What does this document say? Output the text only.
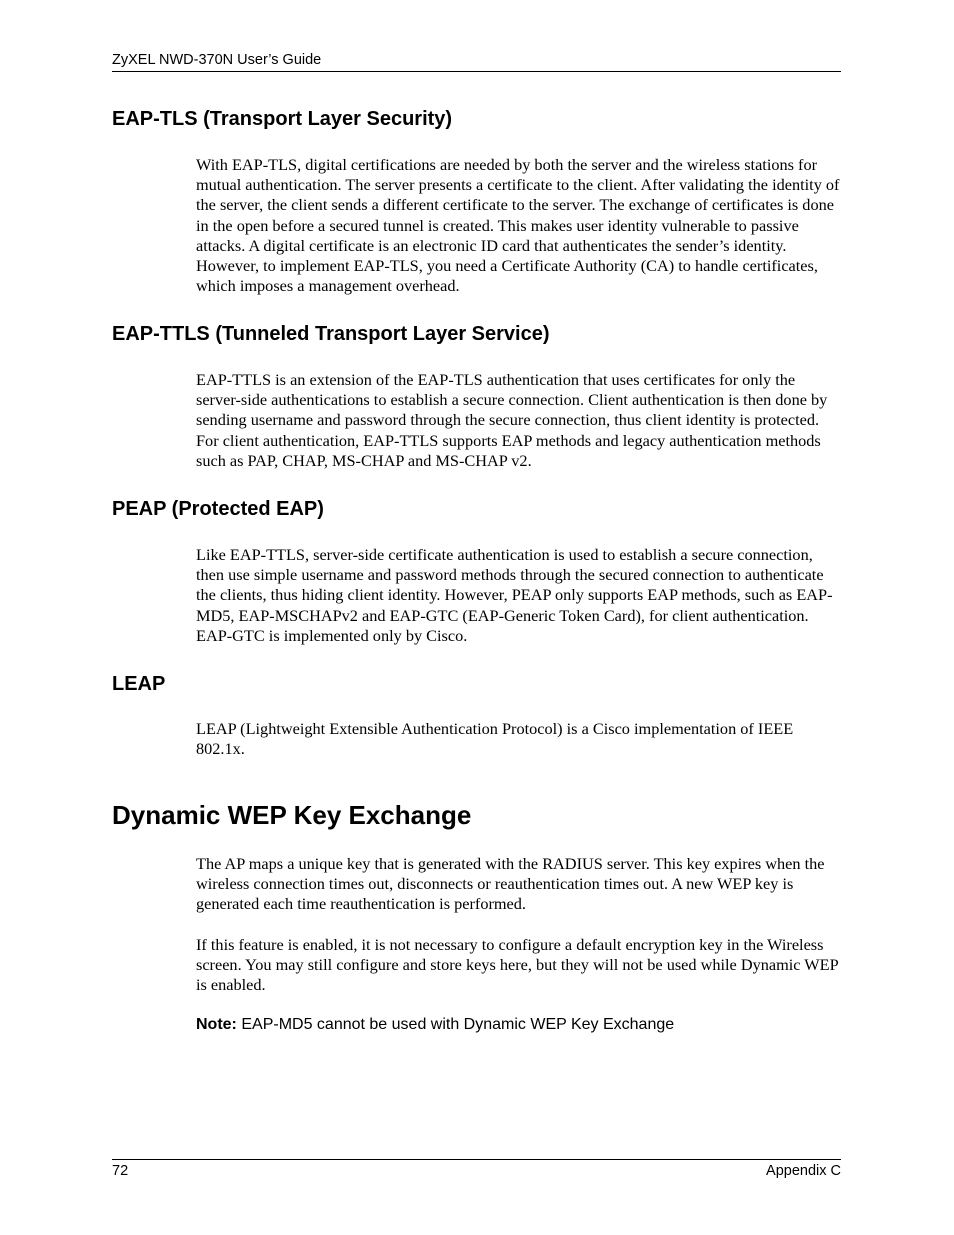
ZyXEL NWD-370N User’s Guide
EAP-TLS (Transport Layer Security)

With EAP-TLS, digital certifications are needed by both the server and the wireless stations for mutual authentication. The server presents a certificate to the client. After validating the identity of the server, the client sends a different certificate to the server. The exchange of certificates is done in the open before a secured tunnel is created. This makes user identity vulnerable to passive attacks. A digital certificate is an electronic ID card that authenticates the sender’s identity. However, to implement EAP-TLS, you need a Certificate Authority (CA) to handle certificates, which imposes a management overhead.

EAP-TTLS (Tunneled Transport Layer Service)

EAP-TTLS is an extension of the EAP-TLS authentication that uses certificates for only the server-side authentications to establish a secure connection. Client authentication is then done by sending username and password through the secure connection, thus client identity is protected. For client authentication, EAP-TTLS supports EAP methods and legacy authentication methods such as PAP, CHAP, MS-CHAP and MS-CHAP v2.

PEAP (Protected EAP)

Like EAP-TTLS, server-side certificate authentication is used to establish a secure connection, then use simple username and password methods through the secured connection to authenticate the clients, thus hiding client identity. However, PEAP only supports EAP methods, such as EAP-MD5, EAP-MSCHAPv2 and EAP-GTC (EAP-Generic Token Card), for client authentication. EAP-GTC is implemented only by Cisco.

LEAP

LEAP (Lightweight Extensible Authentication Protocol) is a Cisco implementation of IEEE 802.1x.

Dynamic WEP Key Exchange

The AP maps a unique key that is generated with the RADIUS server. This key expires when the wireless connection times out, disconnects or reauthentication times out. A new WEP key is generated each time reauthentication is performed.

If this feature is enabled, it is not necessary to configure a default encryption key in the Wireless screen. You may still configure and store keys here, but they will not be used while Dynamic WEP is enabled.

Note: EAP-MD5 cannot be used with Dynamic WEP Key Exchange

72	Appendix C
